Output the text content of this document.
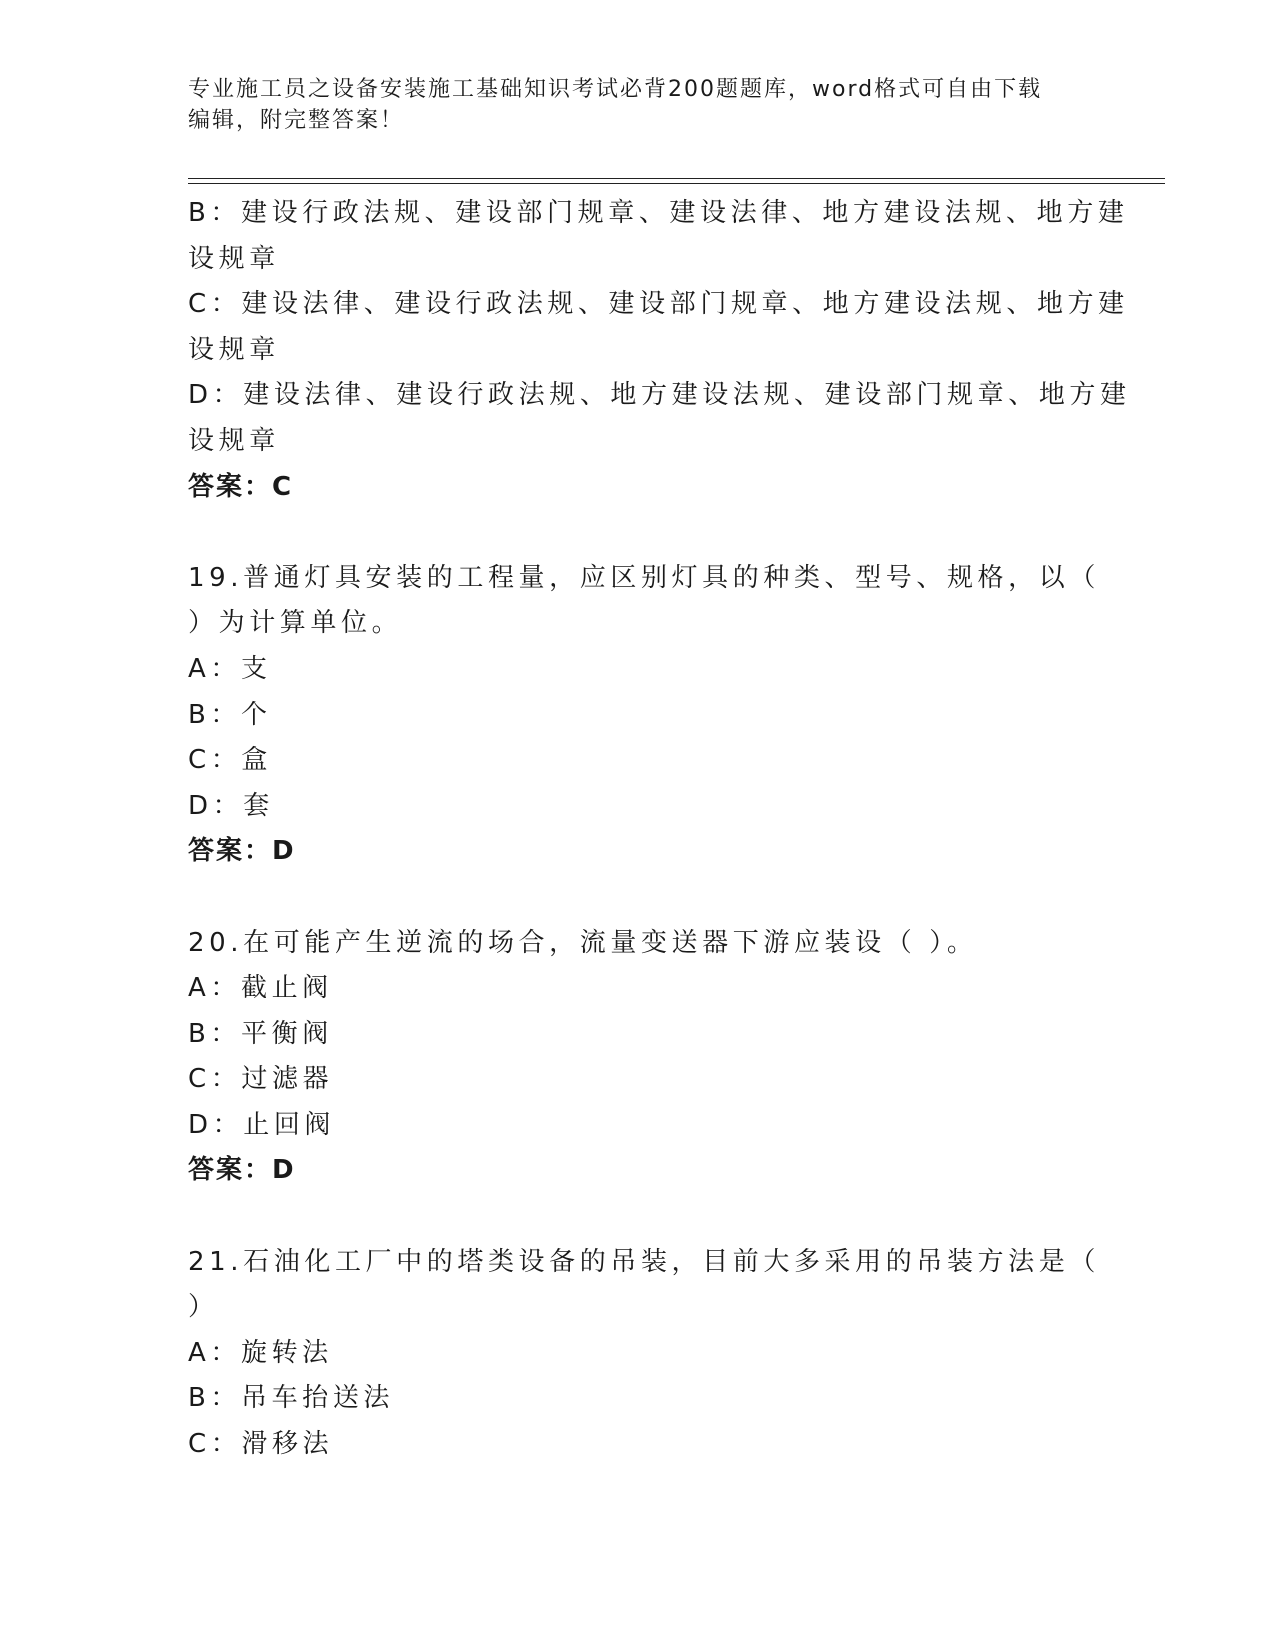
专业施工员之设备安装施工基础知识考试必背200题题库，word格式可自由下载
编辑，附完整答案！
B：建设行政法规、建设部门规章、建设法律、地方建设法规、地方建
设规章
C：建设法律、建设行政法规、建设部门规章、地方建设法规、地方建
设规章
D：建设法律、建设行政法规、地方建设法规、建设部门规章、地方建
设规章
答案：C
19.普通灯具安装的工程量，应区别灯具的种类、型号、规格，以（
）为计算单位。
A：支
B：个
C：盒
D：套
答案：D
20.在可能产生逆流的场合，流量变送器下游应装设（ ）。
A：截止阀
B：平衡阀
C：过滤器
D：止回阀
答案：D
21.石油化工厂中的塔类设备的吊装，目前大多采用的吊装方法是（
）
A：旋转法
B：吊车抬送法
C：滑移法
